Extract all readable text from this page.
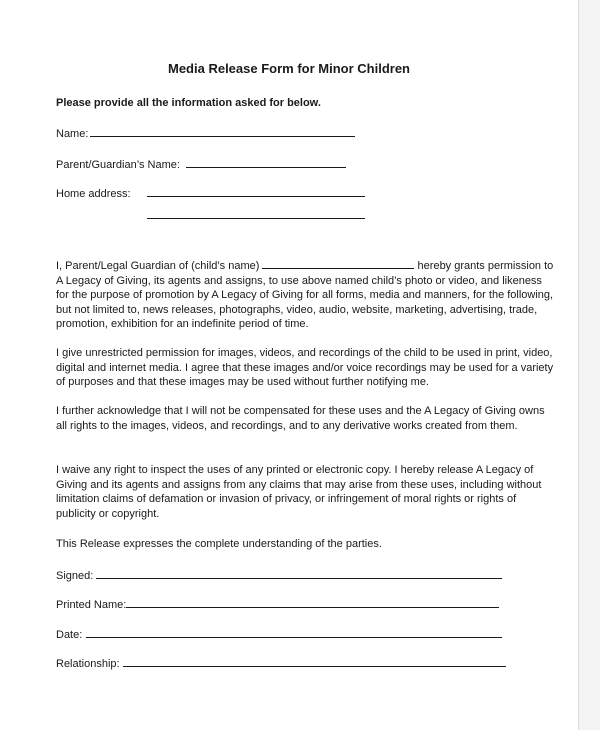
Media Release Form for Minor Children

Please provide all the information asked for below.

Name:
Parent/Guardian’s Name:
Home address:

I, Parent/Legal Guardian of (child’s name)	hereby grants permission to A Legacy of Giving, its agents and assigns, to use above named child’s photo or video, and likeness for the purpose of promotion by A Legacy of Giving for all forms, media and manners, for the following, but not limited to, news releases, photographs, video, audio, website, marketing, advertising, trade, promotion, exhibition for an indefinite period of time.

I give unrestricted permission for images, videos, and recordings of the child to be used in print, video, digital and internet media. I agree that these images and/or voice recordings may be used for a variety of purposes and that these images may be used without further notifying me.

I further acknowledge that I will not be compensated for these uses and the A Legacy of Giving owns all rights to the images, videos, and recordings, and to any derivative works created from them.

I waive any right to inspect the uses of any printed or electronic copy. I hereby release A Legacy of Giving and its agents and assigns from any claims that may arise from these uses, including without limitation claims of defamation or invasion of privacy, or infringement of moral rights or rights of publicity or copyright.

This Release expresses the complete understanding of the parties.

Signed:
Printed Name:
Date:
Relationship:
